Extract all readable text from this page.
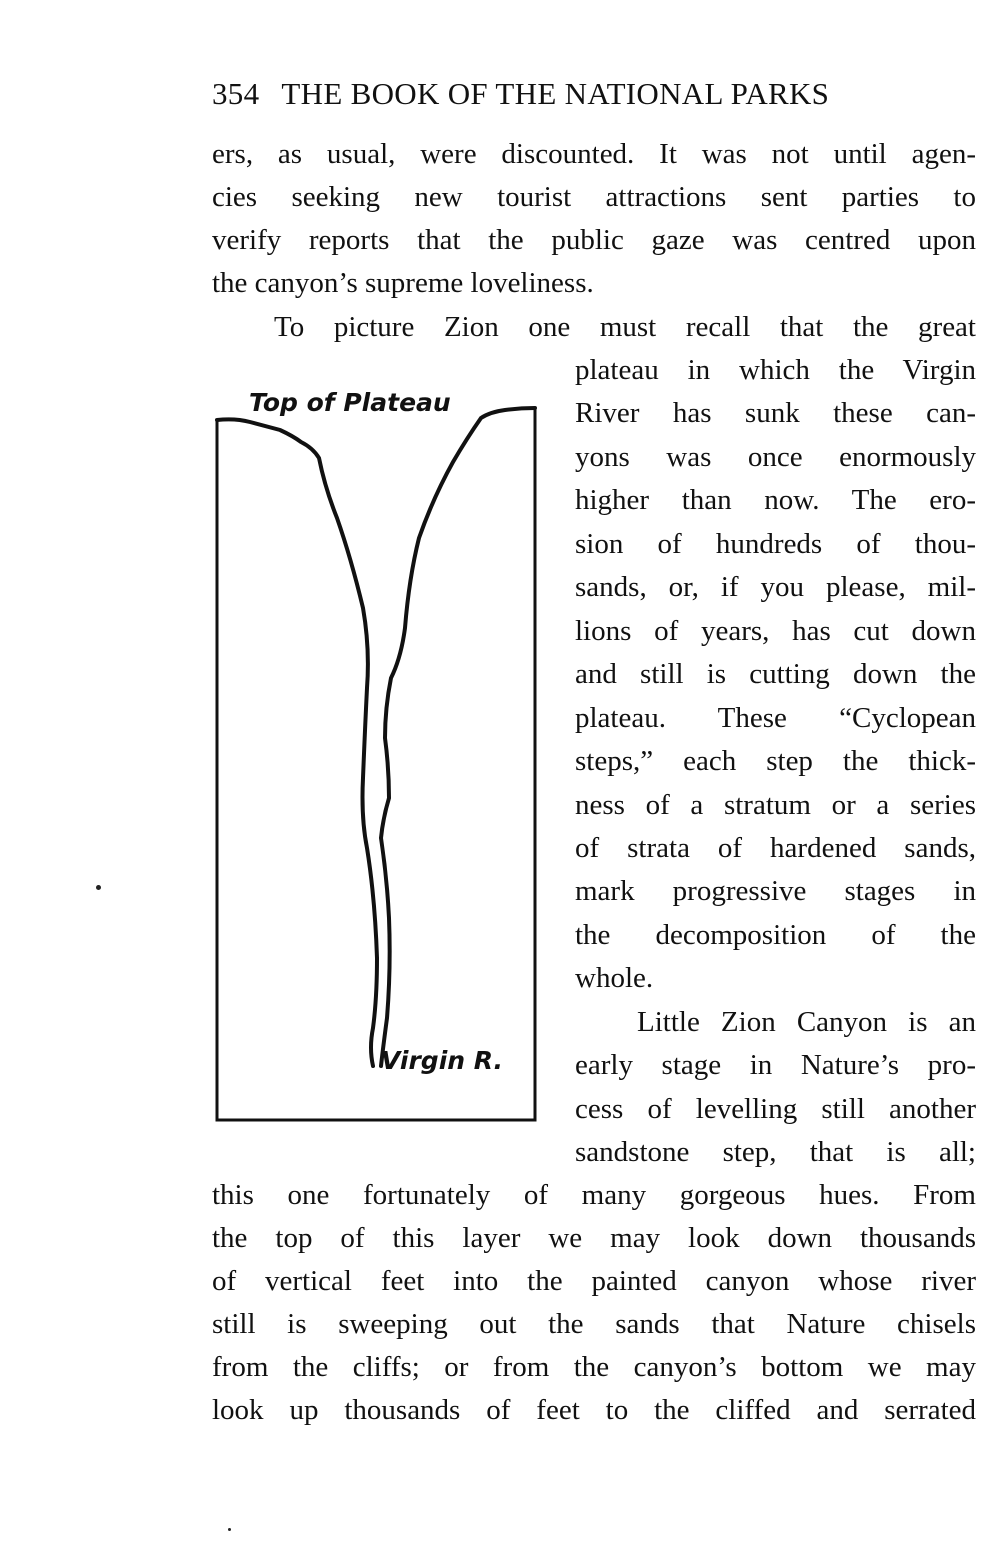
354 THE BOOK OF THE NATIONAL PARKS
ers, as usual, were discounted. It was not until agen-
cies seeking new tourist attractions sent parties to
verify reports that the public gaze was centred upon
the canyon’s supreme loveliness.
To picture Zion one must recall that the great
plateau in which the Virgin
River has sunk these can-
yons was once enormously
higher than now. The ero-
sion of hundreds of thou-
sands, or, if you please, mil-
lions of years, has cut down
and still is cutting down the
plateau. These “Cyclopean
steps,” each step the thick-
ness of a stratum or a series
of strata of hardened sands,
mark progressive stages in
the decomposition of the
whole.
Little Zion Canyon is an
early stage in Nature’s pro-
cess of levelling still another
sandstone step, that is all;
this one fortunately of many gorgeous hues. From
the top of this layer we may look down thousands
of vertical feet into the painted canyon whose river
still is sweeping out the sands that Nature chisels
from the cliffs; or from the canyon’s bottom we may
look up thousands of feet to the cliffed and serrated
Top of Plateau
Virgin R.
